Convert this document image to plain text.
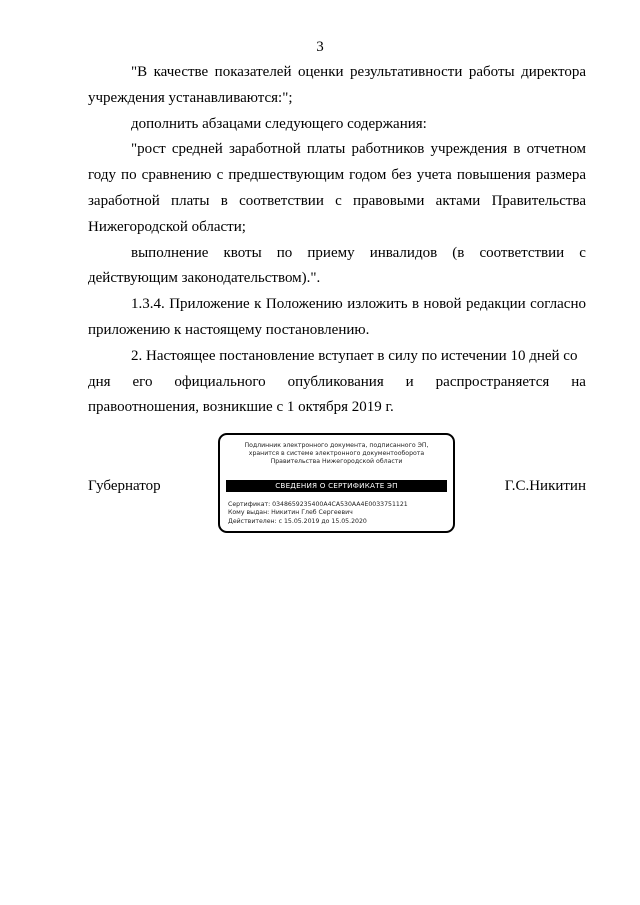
3

"В качестве показателей оценки результативности работы директора учреждения устанавливаются:";

дополнить абзацами следующего содержания:

"рост средней заработной платы работников учреждения в отчетном году по сравнению с предшествующим годом без учета повышения размера заработной платы в соответствии с правовыми актами Правительства Нижегородской области;

выполнение квоты по приему инвалидов (в соответствии с
действующим законодательством).".

1.3.4. Приложение к Положению изложить в новой редакции согласно приложению к настоящему постановлению.

2. Настоящее постановление вступает в силу по истечении 10 дней со
дня его официального опубликования и распространяется на
правоотношения, возникшие с 1 октября 2019 г.
Губернатор	Г.С.Никитин
Подлинник электронного документа, подписанного ЭП,
хранится в системе электронного документооборота
Правительства Нижегородской области
СВЕДЕНИЯ О СЕРТИФИКАТЕ ЭП
Сертификат: 0348659235400A4CA530AA4E0033751121
Кому выдан: Никитин Глеб Сергеевич
Действителен: с 15.05.2019 до 15.05.2020
